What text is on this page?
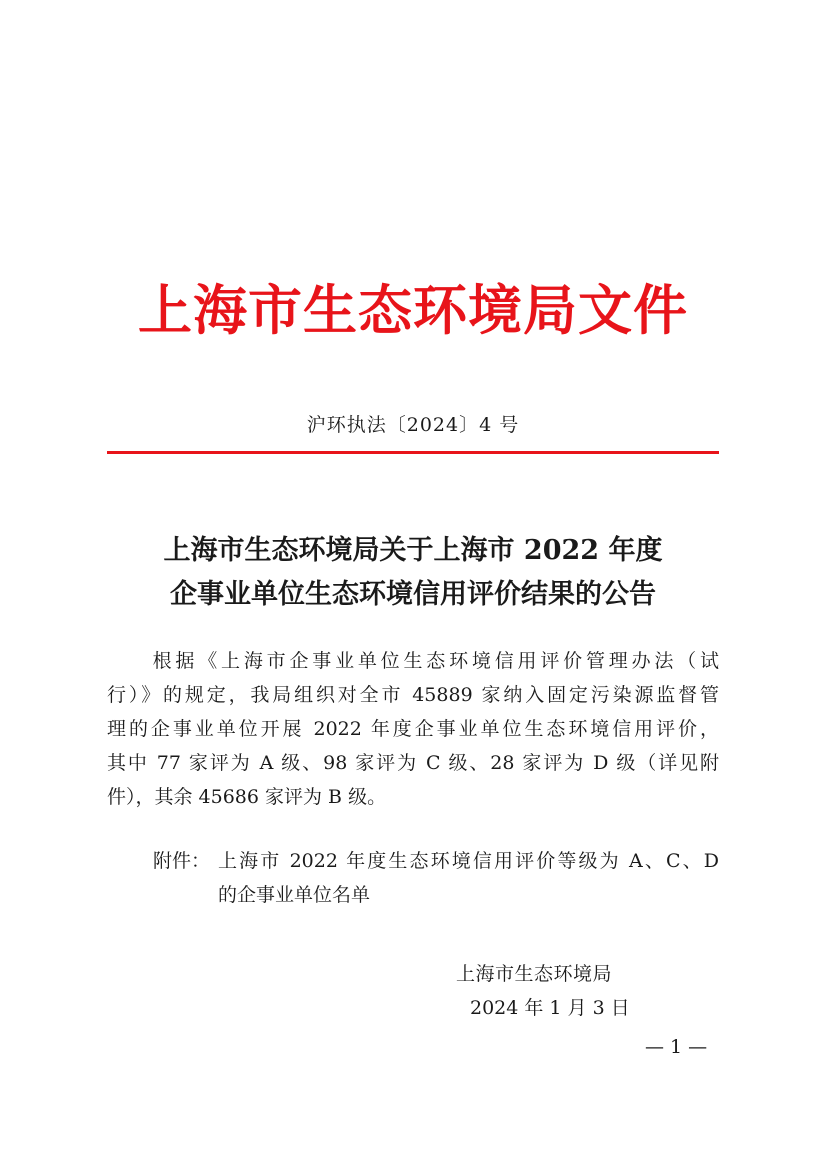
上海市生态环境局文件
沪环执法〔2024〕4 号
上海市生态环境局关于上海市 2022 年度
企事业单位生态环境信用评价结果的公告
　　根据《上海市企事业单位生态环境信用评价管理办法（试
行）》的规定，我局组织对全市 45889 家纳入固定污染源监督管
理的企事业单位开展 2022 年度企事业单位生态环境信用评价，
其中 77 家评为 A 级、98 家评为 C 级、28 家评为 D 级（详见附
件），其余 45686 家评为 B 级。
附件： 上海市 2022 年度生态环境信用评价等级为 A、C、D
的企事业单位名单
上海市生态环境局
2024 年 1 月 3 日
— 1 —
